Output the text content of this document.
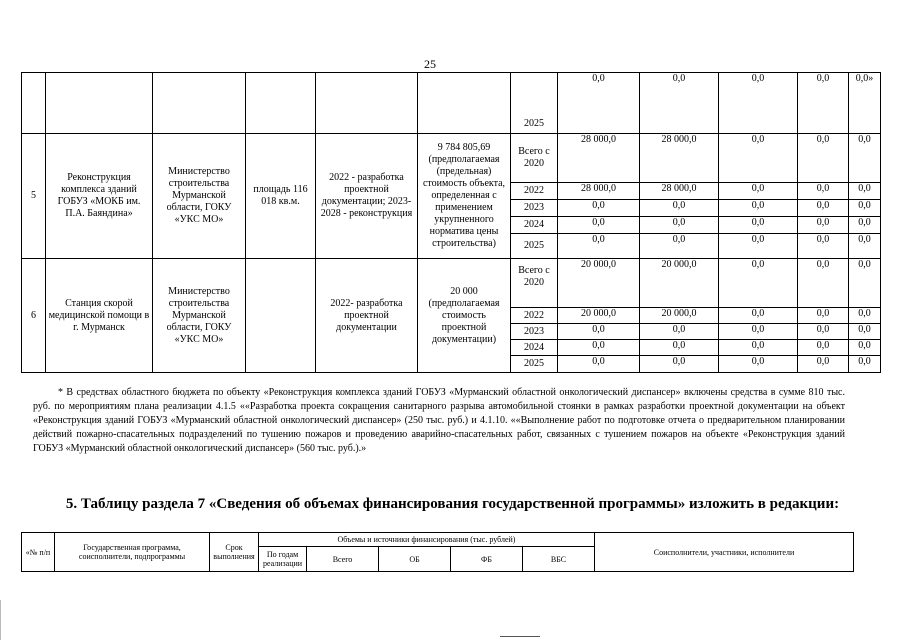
25
						2025	0,0	0,0	0,0	0,0	0,0»
5	Реконструкция комплекса зданий ГОБУЗ «МОКБ им. П.А. Баяндина»	Министерство строительства Мурманской области, ГОКУ «УКС МО»	площадь 116 018 кв.м.	2022 - разработка проектной документации; 2023-2028 - реконструкция	9 784 805,69 (предполагаемая (предельная) стоимость объекта, определенная с применением укрупненного норматива цены строительства)	Всего с 2020	28 000,0	28 000,0	0,0	0,0	0,0
						2022	28 000,0	28 000,0	0,0	0,0	0,0
						2023	0,0	0,0	0,0	0,0	0,0
						2024	0,0	0,0	0,0	0,0	0,0
						2025	0,0	0,0	0,0	0,0	0,0
6	Станция скорой медицинской помощи в г. Мурманск	Министерство строительства Мурманской области, ГОКУ «УКС МО»		2022- разработка проектной документации	20 000 (предполагаемая стоимость проектной документации)	Всего с 2020	20 000,0	20 000,0	0,0	0,0	0,0
						2022	20 000,0	20 000,0	0,0	0,0	0,0
						2023	0,0	0,0	0,0	0,0	0,0
						2024	0,0	0,0	0,0	0,0	0,0
						2025	0,0	0,0	0,0	0,0	0,0

* В средствах областного бюджета по объекту «Реконструкция комплекса зданий ГОБУЗ «Мурманский областной онкологический диспансер» включены средства в сумме 810 тыс. руб. по мероприятиям плана реализации 4.1.5 ««Разработка проекта сокращения санитарного разрыва автомобильной стоянки в рамках разработки проектной документации на объект «Реконструкция зданий ГОБУЗ «Мурманский областной онкологический диспансер» (250 тыс. руб.) и 4.1.10. ««Выполнение работ по подготовке отчета о предварительном планировании действий пожарно-спасательных подразделений по тушению пожаров и проведению аварийно-спасательных работ, связанных с тушением пожаров на объекте «Реконструкция зданий ГОБУЗ «Мурманский областной онкологический диспансер» (560 тыс. руб.).»

5. Таблицу раздела 7 «Сведения об объемах финансирования государственной программы» изложить в редакции:
«№ п/п	Государственная программа, соисполнители, подпрограммы	Срок выполнения	Объемы и источники финансирования (тыс. рублей)					Соисполнители, участники, исполнители
			По годам реализации	Всего	ОБ	ФБ	ВБС	
